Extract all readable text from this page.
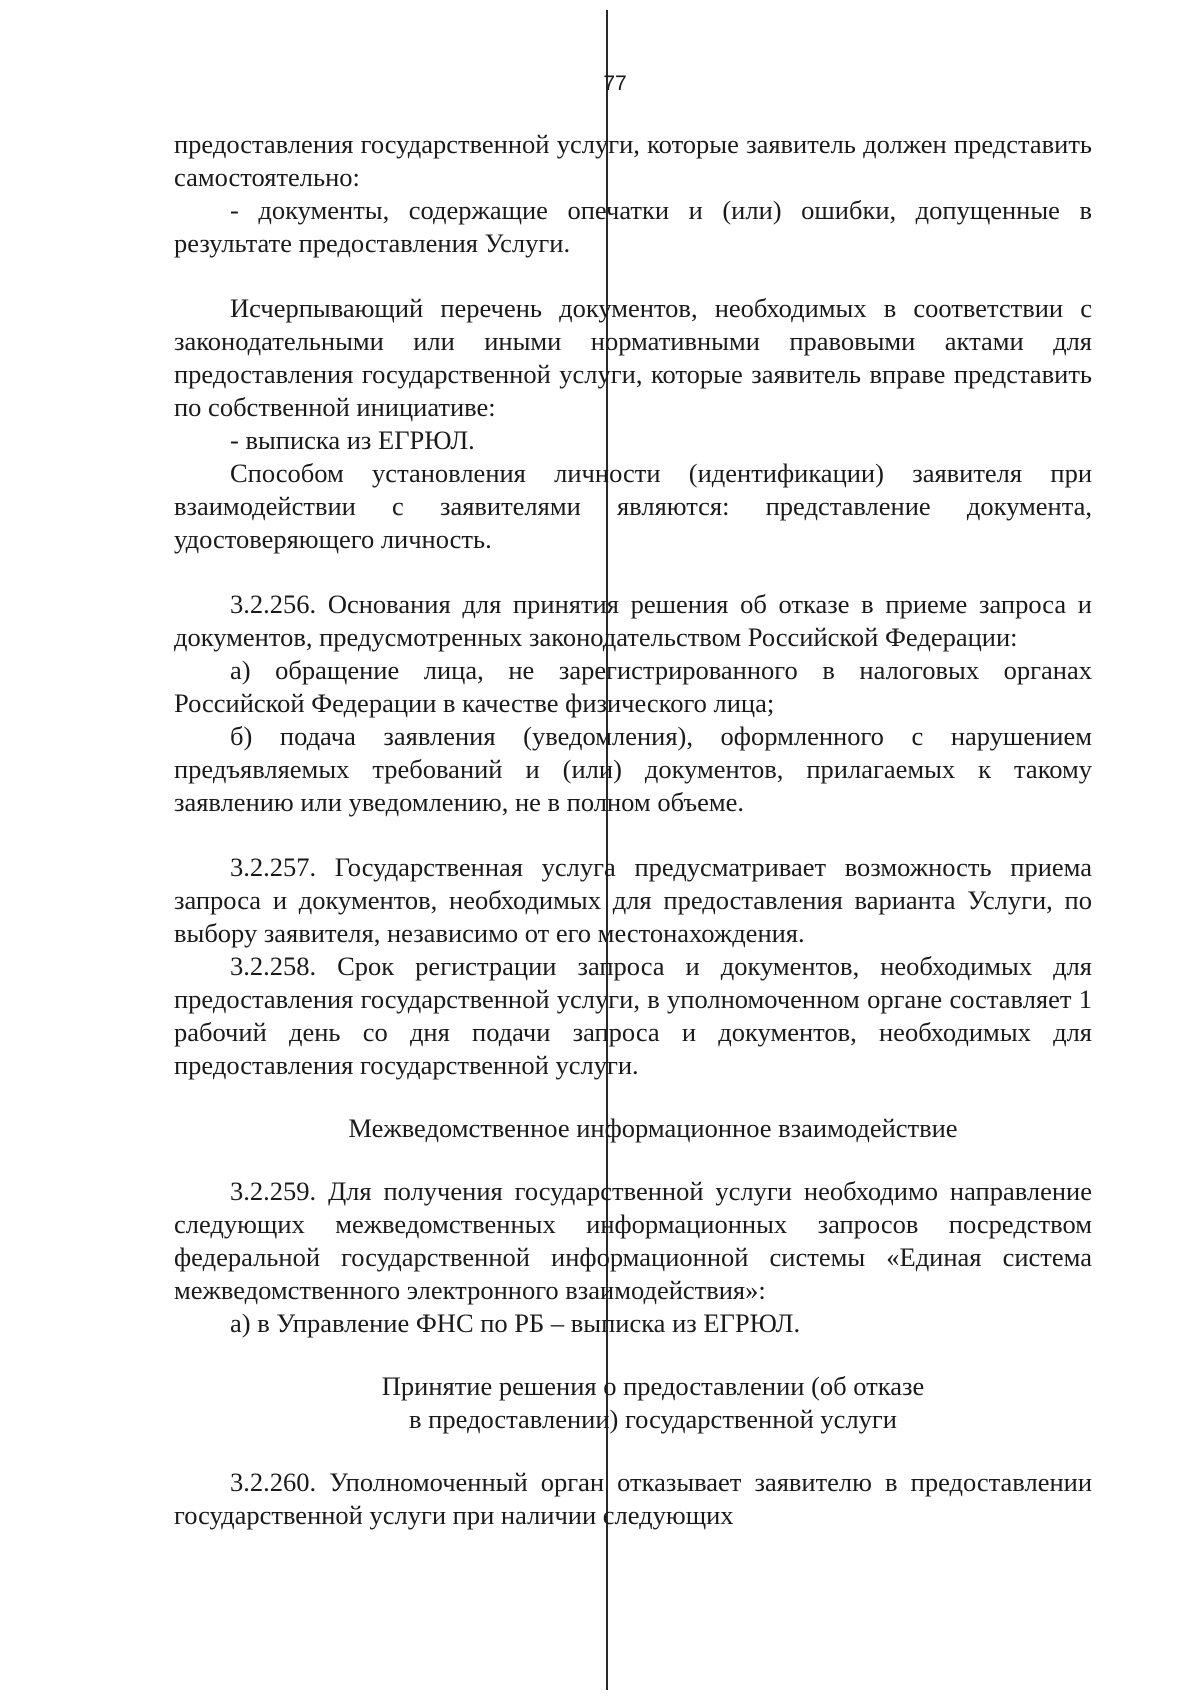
77

предоставления государственной услуги, которые заявитель должен представить самостоятельно:

- документы, содержащие опечатки и (или) ошибки, допущенные в результате предоставления Услуги.

Исчерпывающий перечень документов, необходимых в соответствии с законодательными или иными нормативными правовыми актами для предоставления государственной услуги, которые заявитель вправе представить по собственной инициативе:

- выписка из ЕГРЮЛ.

Способом установления личности (идентификации) заявителя при взаимодействии с заявителями являются: представление документа, удостоверяющего личность.

3.2.256. Основания для принятия решения об отказе в приеме запроса и документов, предусмотренных законодательством Российской Федерации:

а) обращение лица, не зарегистрированного в налоговых органах Российской Федерации в качестве физического лица;

б) подача заявления (уведомления), оформленного с нарушением предъявляемых требований и (или) документов, прилагаемых к такому заявлению или уведомлению, не в полном объеме.

3.2.257. Государственная услуга предусматривает возможность приема запроса и документов, необходимых для предоставления варианта Услуги, по выбору заявителя, независимо от его местонахождения.

3.2.258. Срок регистрации запроса и документов, необходимых для предоставления государственной услуги, в уполномоченном органе составляет 1 рабочий день со дня подачи запроса и документов, необходимых для предоставления государственной услуги.

Межведомственное информационное взаимодействие

3.2.259. Для получения государственной услуги необходимо направление следующих межведомственных информационных запросов посредством федеральной государственной информационной системы «Единая система межведомственного электронного взаимодействия»:

а) в Управление ФНС по РБ – выписка из ЕГРЮЛ.

Принятие решения о предоставлении (об отказе

в предоставлении) государственной услуги

3.2.260. Уполномоченный орган отказывает заявителю в предоставлении государственной услуги при наличии следующих
